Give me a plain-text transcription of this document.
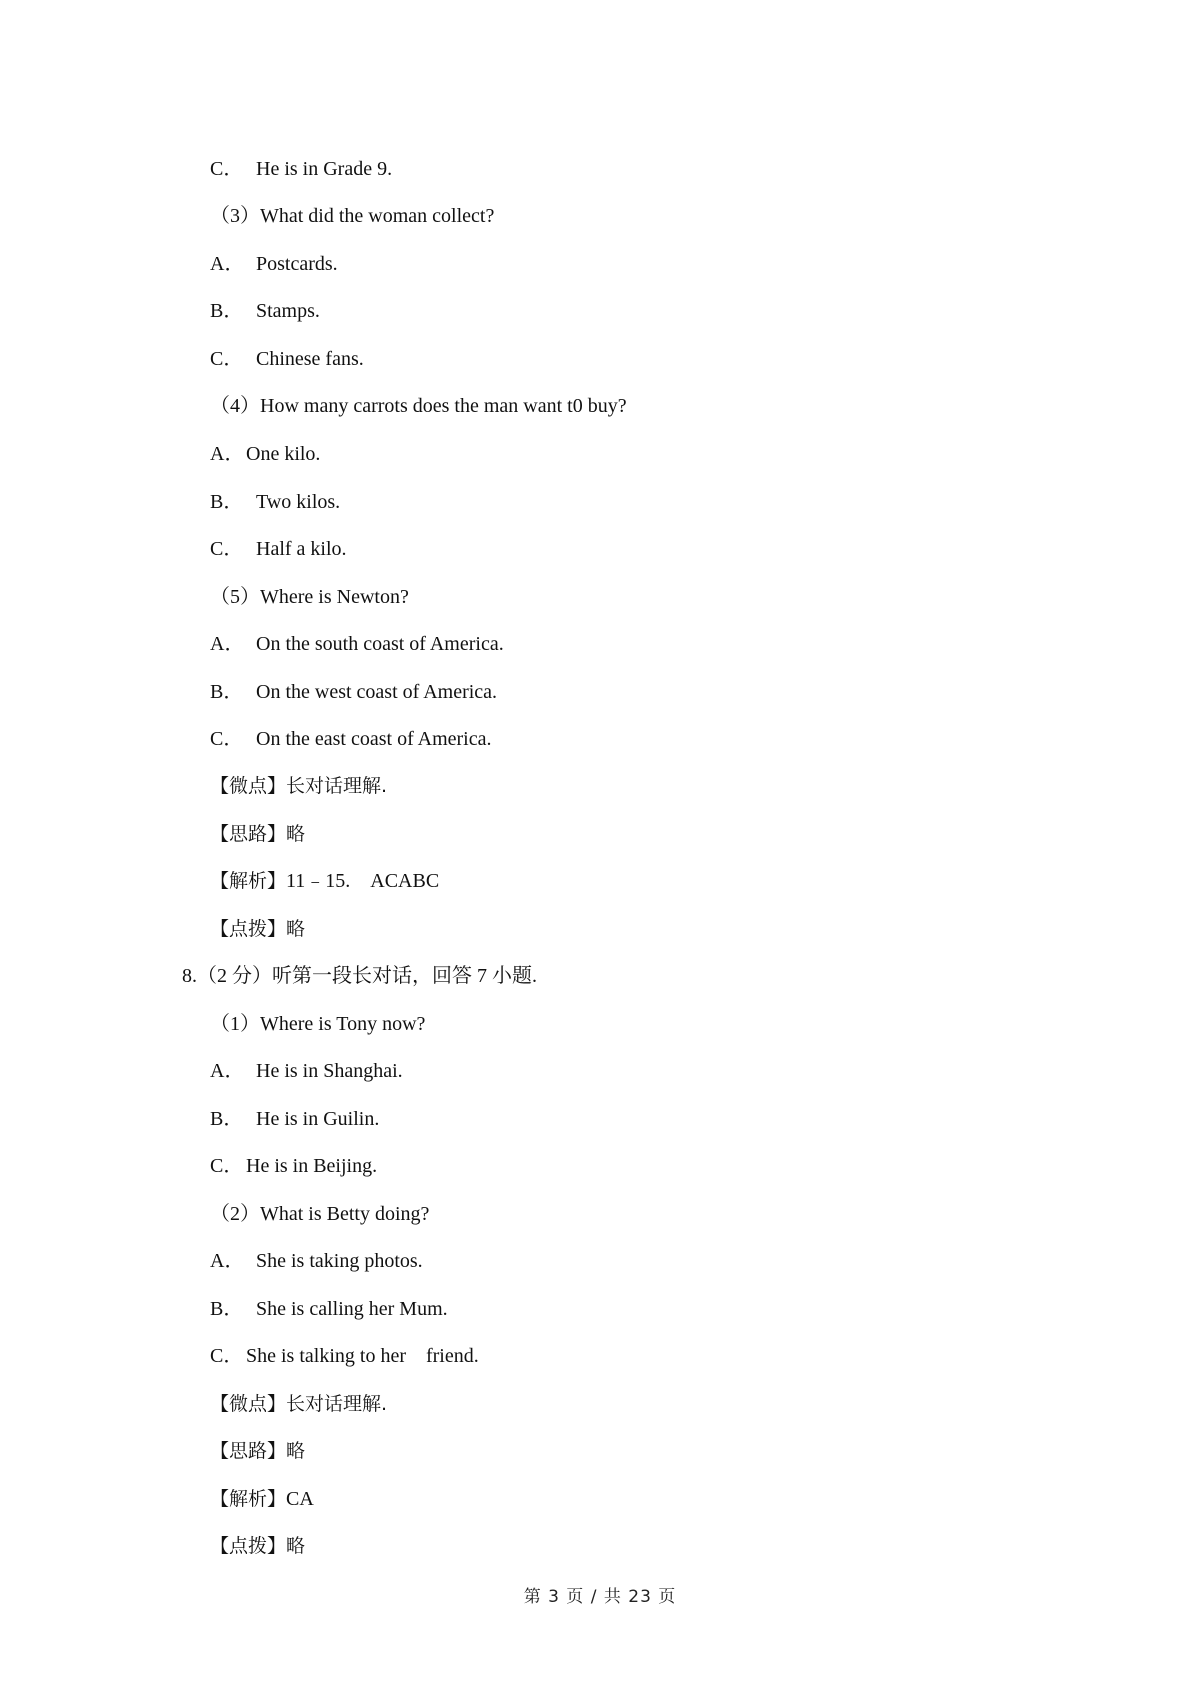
C． He is in Grade 9.
（3）What did the woman collect?
A． Postcards.
B． Stamps.
C． Chinese fans.
（4）How many carrots does the man want t0 buy?
A．One kilo.
B． Two kilos.
C． Half a kilo.
（5）Where is Newton?
A． On the south coast of America.
B． On the west coast of America.
C． On the east coast of America.
【微点】长对话理解.
【思路】略
【解析】11﹣15.　ACABC
【点拨】略
8.（2 分）听第一段长对话，回答 7 小题.
（1）Where is Tony now?
A． He is in Shanghai.
B． He is in Guilin.
C． He is in Beijing.
（2）What is Betty doing?
A． She is taking photos.
B． She is calling her Mum.
C． She is talking to her　friend.
【微点】长对话理解.
【思路】略
【解析】CA
【点拨】略
第 3 页 / 共 23 页
